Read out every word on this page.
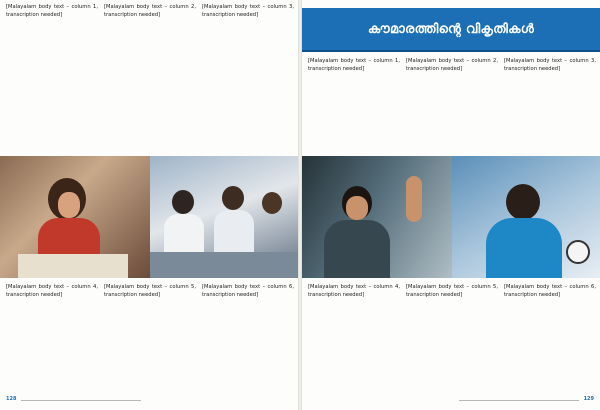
[Malayalam body text – column 1, transcription needed]

[Malayalam body text – column 2, transcription needed]

[Malayalam body text – column 3, transcription needed]

[Malayalam body text – column 4, transcription needed]

[Malayalam body text – column 5, transcription needed]

[Malayalam body text – column 6, transcription needed]

128
കൗമാരത്തിന്റെ വികൃതികൾ

[Malayalam body text – column 1, transcription needed]

[Malayalam body text – column 2, transcription needed]

[Malayalam body text – column 3, transcription needed]

[Malayalam body text – column 4, transcription needed]

[Malayalam body text – column 5, transcription needed]

[Malayalam body text – column 6, transcription needed]

129
